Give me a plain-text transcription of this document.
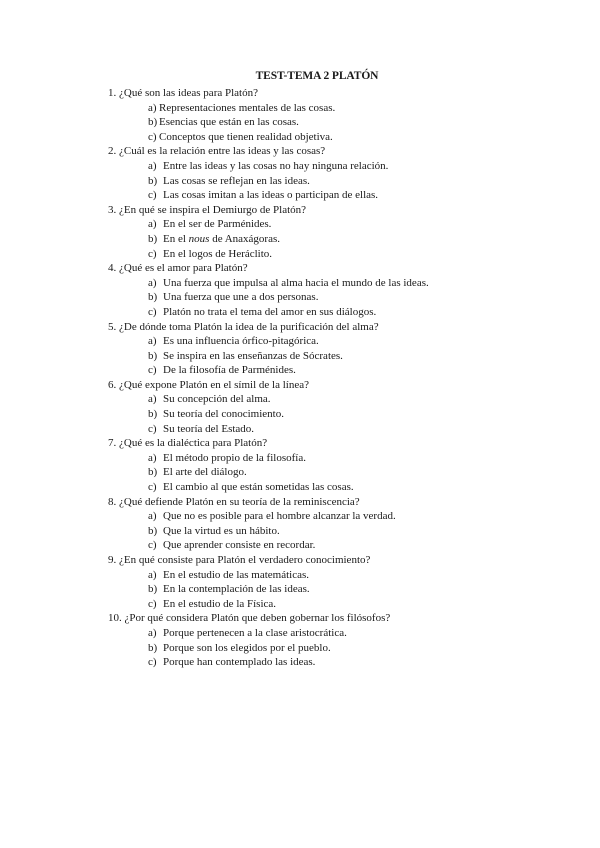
TEST-TEMA 2 PLATÓN
1. ¿Qué son las ideas para Platón?
a) Representaciones mentales de las cosas.
b) Esencias que están en las cosas.
c) Conceptos que tienen realidad objetiva.
2. ¿Cuál es la relación entre las ideas y las cosas?
a) Entre las ideas y las cosas no hay ninguna relación.
b) Las cosas se reflejan en las ideas.
c) Las cosas imitan a las ideas o participan de ellas.
3. ¿En qué se inspira el Demiurgo de Platón?
a) En el ser de Parménides.
b) En el nous de Anaxágoras.
c) En el logos de Heráclito.
4. ¿Qué es el amor para Platón?
a) Una fuerza que impulsa al alma hacia el mundo de las ideas.
b) Una fuerza que une a dos personas.
c) Platón no trata el tema del amor en sus diálogos.
5. ¿De dónde toma Platón la idea de la purificación del alma?
a) Es una influencia órfico-pitagórica.
b) Se inspira en las enseñanzas de Sócrates.
c) De la filosofía de Parménides.
6. ¿Qué expone Platón en el símil de la línea?
a) Su concepción del alma.
b) Su teoría del conocimiento.
c) Su teoría del Estado.
7. ¿Qué es la dialéctica para Platón?
a) El método propio de la filosofía.
b) El arte del diálogo.
c) El cambio al que están sometidas las cosas.
8. ¿Qué defiende Platón en su teoría de la reminiscencia?
a) Que no es posible para el hombre alcanzar la verdad.
b) Que la virtud es un hábito.
c) Que aprender consiste en recordar.
9. ¿En qué consiste para Platón el verdadero conocimiento?
a) En el estudio de las matemáticas.
b) En la contemplación de las ideas.
c) En el estudio de la Física.
10. ¿Por qué considera Platón que deben gobernar los filósofos?
a) Porque pertenecen a la clase aristocrática.
b) Porque son los elegidos por el pueblo.
c) Porque han contemplado las ideas.
